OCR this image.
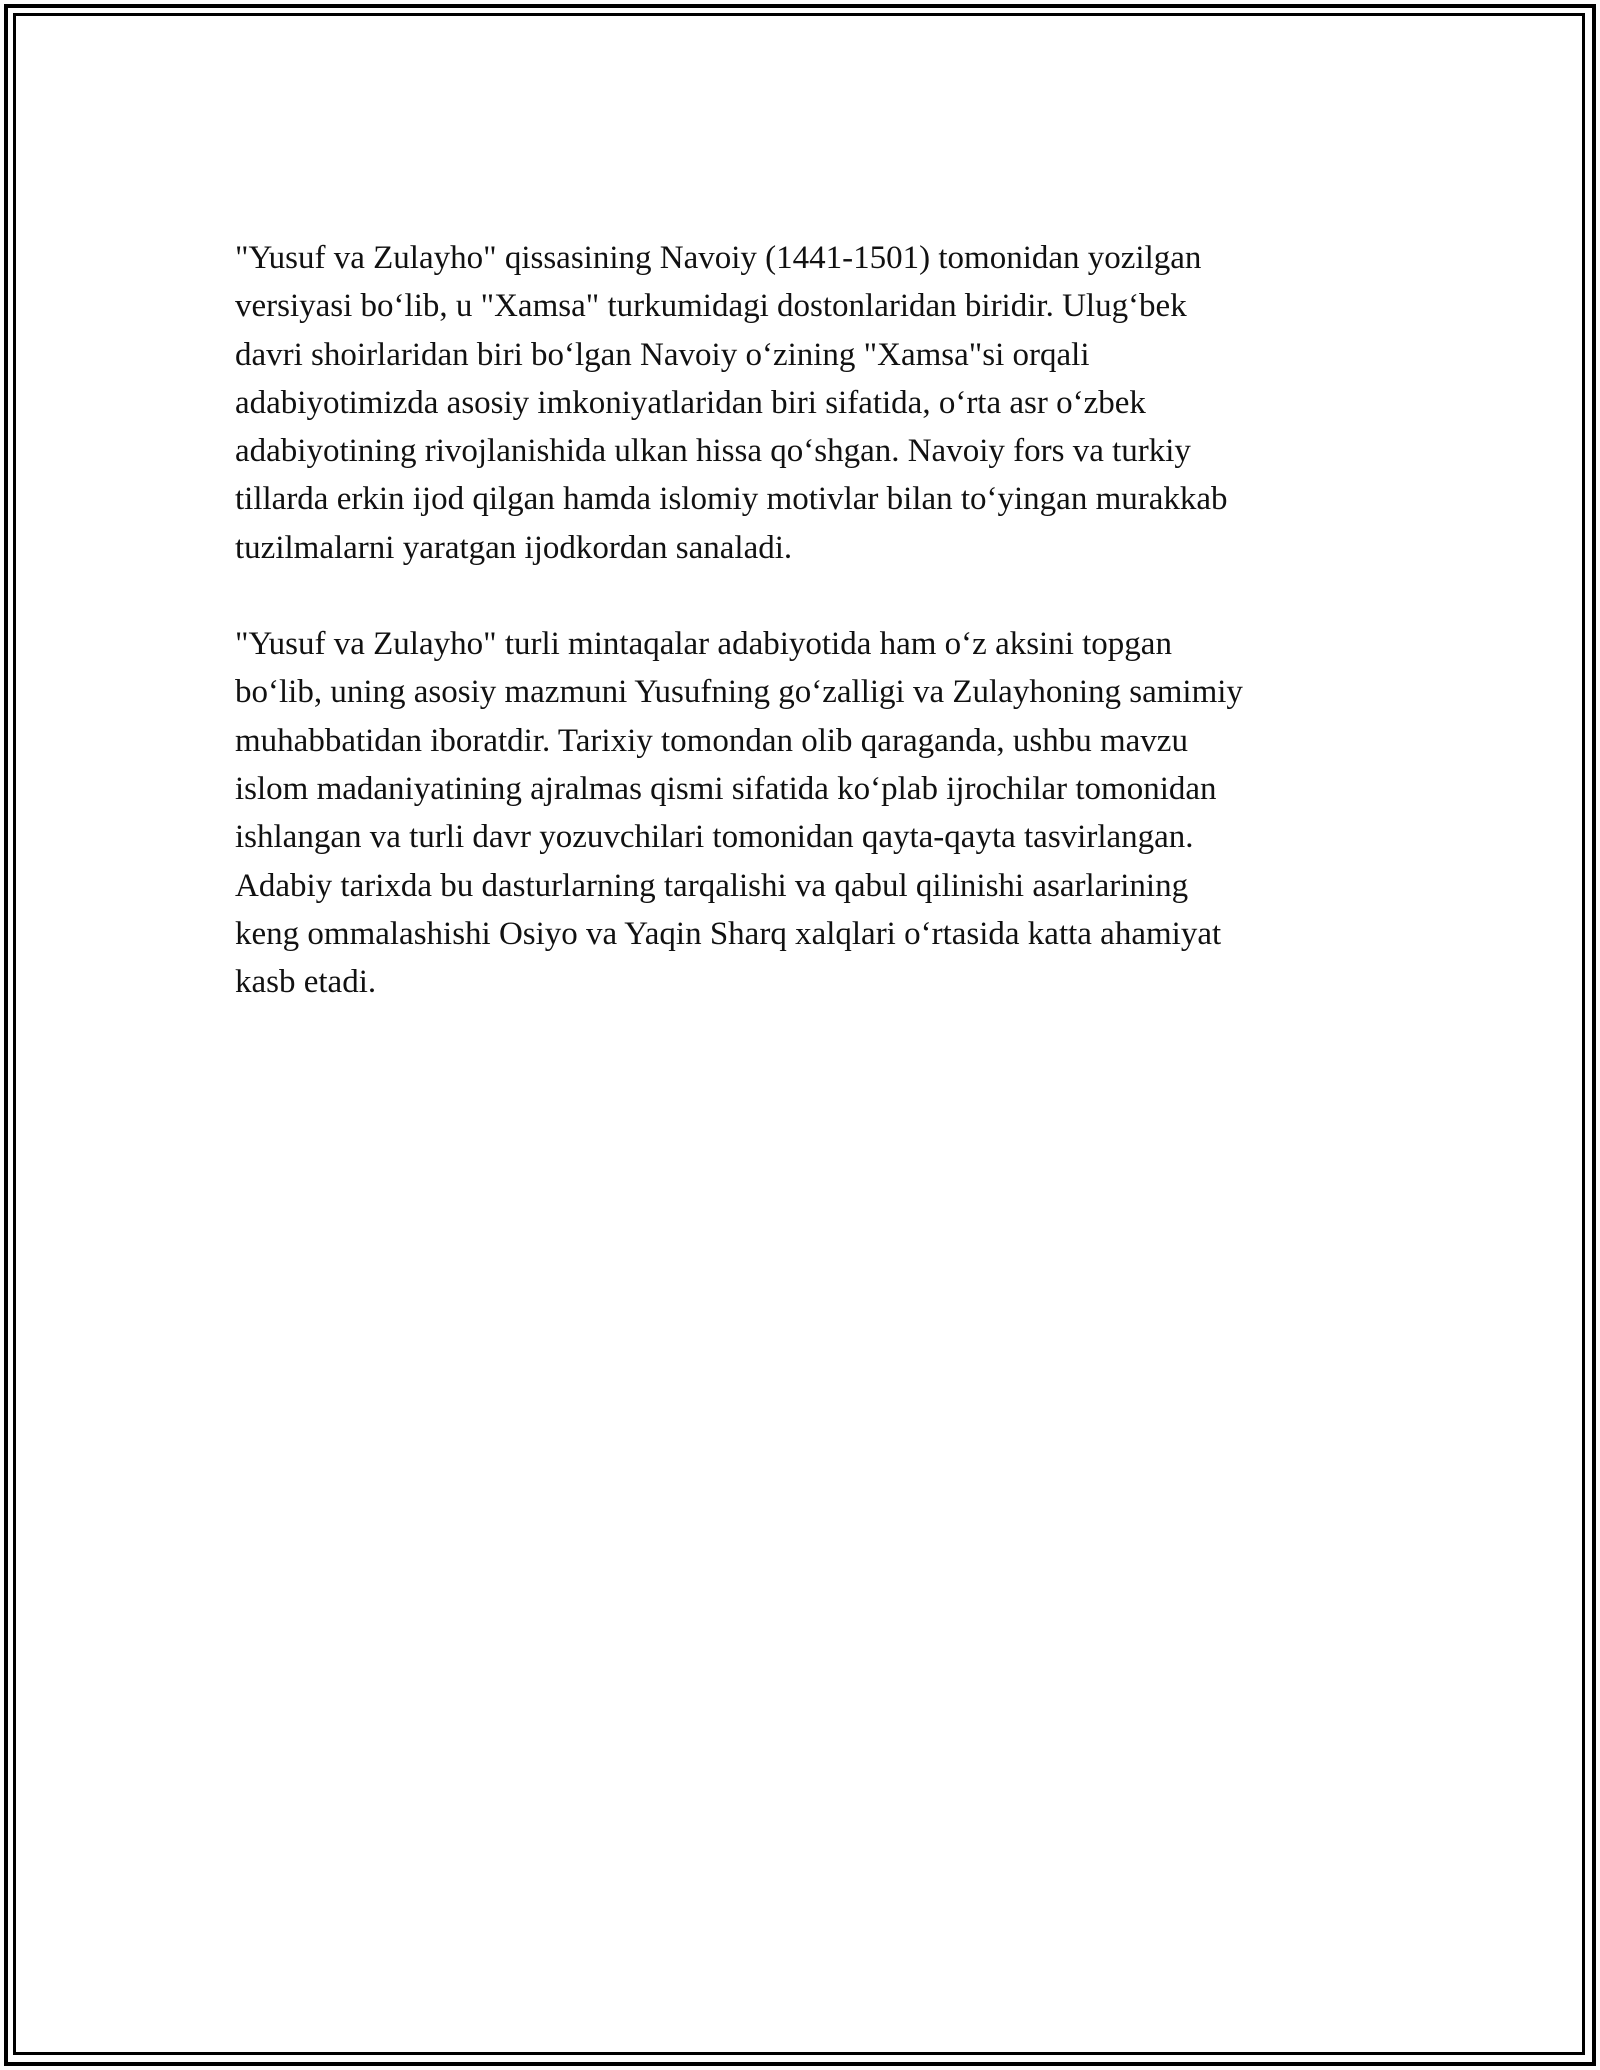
"Yusuf va Zulayho" qissasining Navoiy (1441-1501) tomonidan yozilgan
versiyasi bo‘lib, u "Xamsa" turkumidagi dostonlaridan biridir. Ulug‘bek
davri shoirlaridan biri bo‘lgan Navoiy o‘zining "Xamsa"si orqali
adabiyotimizda asosiy imkoniyatlaridan biri sifatida, o‘rta asr o‘zbek
adabiyotining rivojlanishida ulkan hissa qo‘shgan. Navoiy fors va turkiy
tillarda erkin ijod qilgan hamda islomiy motivlar bilan to‘yingan murakkab
tuzilmalarni yaratgan ijodkordan sanaladi.

"Yusuf va Zulayho" turli mintaqalar adabiyotida ham o‘z aksini topgan
bo‘lib, uning asosiy mazmuni Yusufning go‘zalligi va Zulayhoning samimiy
muhabbatidan iboratdir. Tarixiy tomondan olib qaraganda, ushbu mavzu
islom madaniyatining ajralmas qismi sifatida ko‘plab ijrochilar tomonidan
ishlangan va turli davr yozuvchilari tomonidan qayta-qayta tasvirlangan.
Adabiy tarixda bu dasturlarning tarqalishi va qabul qilinishi asarlarining
keng ommalashishi Osiyo va Yaqin Sharq xalqlari o‘rtasida katta ahamiyat
kasb etadi.
